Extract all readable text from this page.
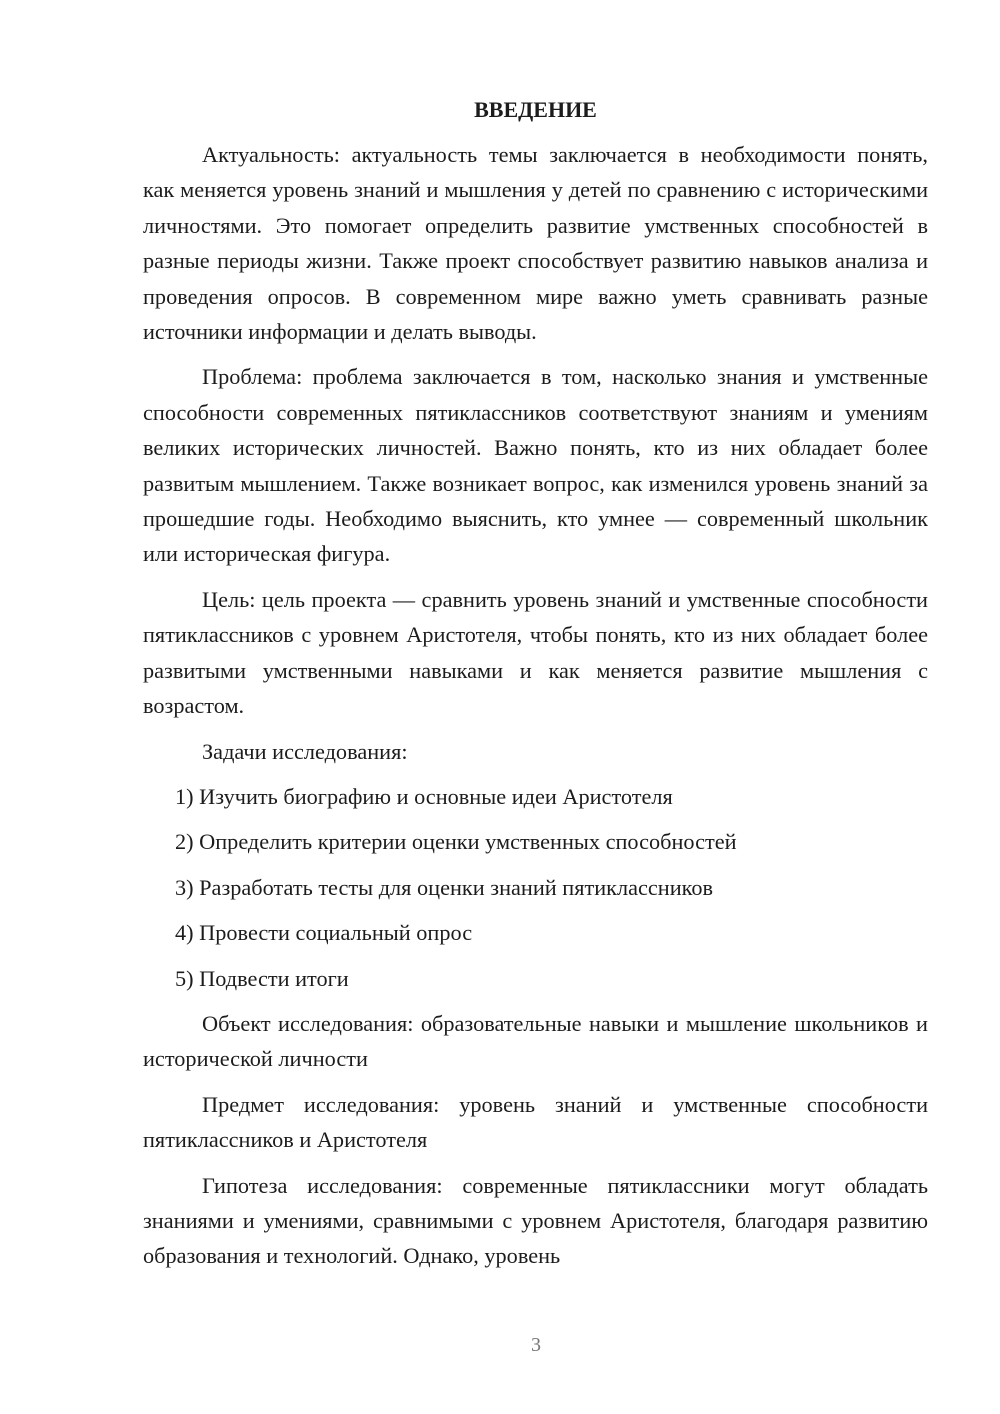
ВВЕДЕНИЕ

Актуальность: актуальность темы заключается в необходимости понять, как меняется уровень знаний и мышления у детей по сравнению с историческими личностями. Это помогает определить развитие умственных способностей в разные периоды жизни. Также проект способствует развитию навыков анализа и проведения опросов. В современном мире важно уметь сравнивать разные источники информации и делать выводы.

Проблема: проблема заключается в том, насколько знания и умственные способности современных пятиклассников соответствуют знаниям и умениям великих исторических личностей. Важно понять, кто из них обладает более развитым мышлением. Также возникает вопрос, как изменился уровень знаний за прошедшие годы. Необходимо выяснить, кто умнее — современный школьник или историческая фигура.

Цель: цель проекта — сравнить уровень знаний и умственные способности пятиклассников с уровнем Аристотеля, чтобы понять, кто из них обладает более развитыми умственными навыками и как меняется развитие мышления с возрастом.

Задачи исследования:

1) Изучить биографию и основные идеи Аристотеля
2) Определить критерии оценки умственных способностей
3) Разработать тесты для оценки знаний пятиклассников
4) Провести социальный опрос
5) Подвести итоги

Объект исследования: образовательные навыки и мышление школьников и исторической личности

Предмет исследования: уровень знаний и умственные способности пятиклассников и Аристотеля

Гипотеза исследования: современные пятиклассники могут обладать знаниями и умениями, сравнимыми с уровнем Аристотеля, благодаря развитию образования и технологий. Однако, уровень

3
